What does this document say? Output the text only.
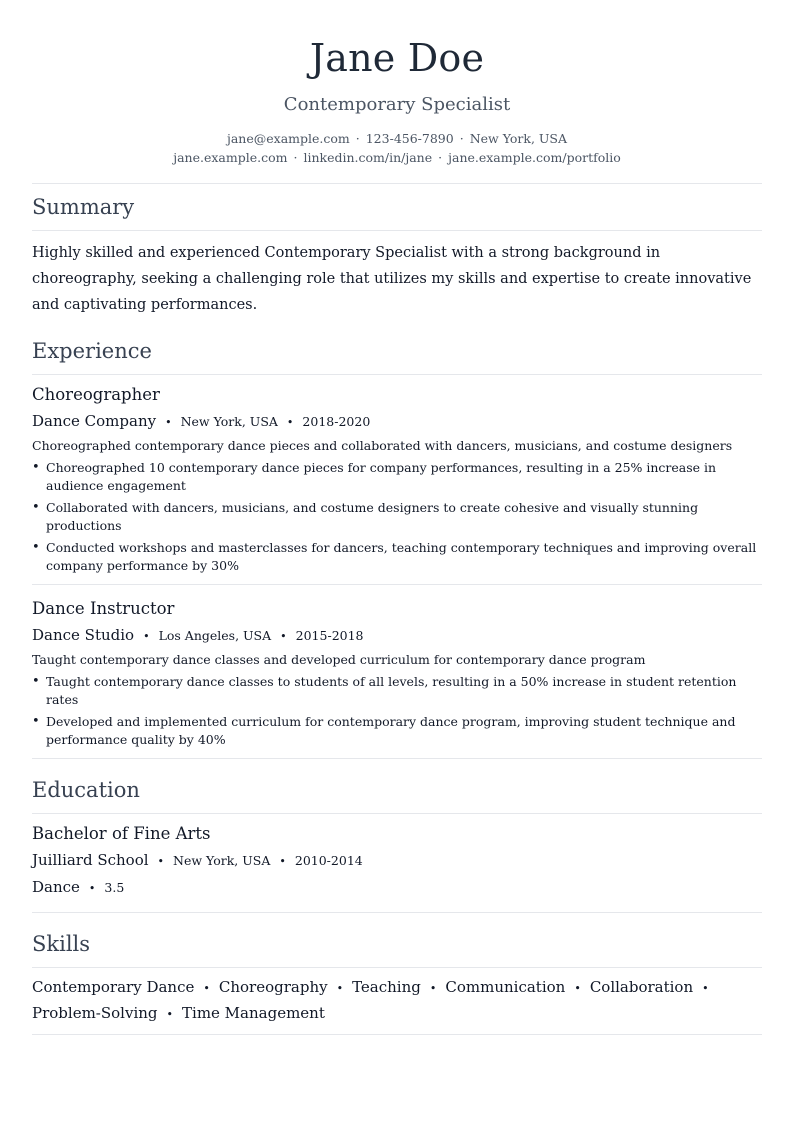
Jane Doe
Contemporary Specialist
jane@example.com · 123-456-7890 · New York, USA
jane.example.com · linkedin.com/in/jane · jane.example.com/portfolio
Summary

Highly skilled and experienced Contemporary Specialist with a strong background in choreography, seeking a challenging role that utilizes my skills and expertise to create innovative and captivating performances.

Experience
Choreographer
Dance Company • New York, USA • 2018-2020
Choreographed contemporary dance pieces and collaborated with dancers, musicians, and costume designers
• Choreographed 10 contemporary dance pieces for company performances, resulting in a 25% increase in audience engagement
• Collaborated with dancers, musicians, and costume designers to create cohesive and visually stunning productions
• Conducted workshops and masterclasses for dancers, teaching contemporary techniques and improving overall company performance by 30%
Dance Instructor
Dance Studio • Los Angeles, USA • 2015-2018
Taught contemporary dance classes and developed curriculum for contemporary dance program
• Taught contemporary dance classes to students of all levels, resulting in a 50% increase in student retention rates
• Developed and implemented curriculum for contemporary dance program, improving student technique and performance quality by 40%
Education
Bachelor of Fine Arts
Juilliard School • New York, USA • 2010-2014
Dance • 3.5
Skills
Contemporary Dance • Choreography • Teaching • Communication • Collaboration •
Problem-Solving • Time Management
